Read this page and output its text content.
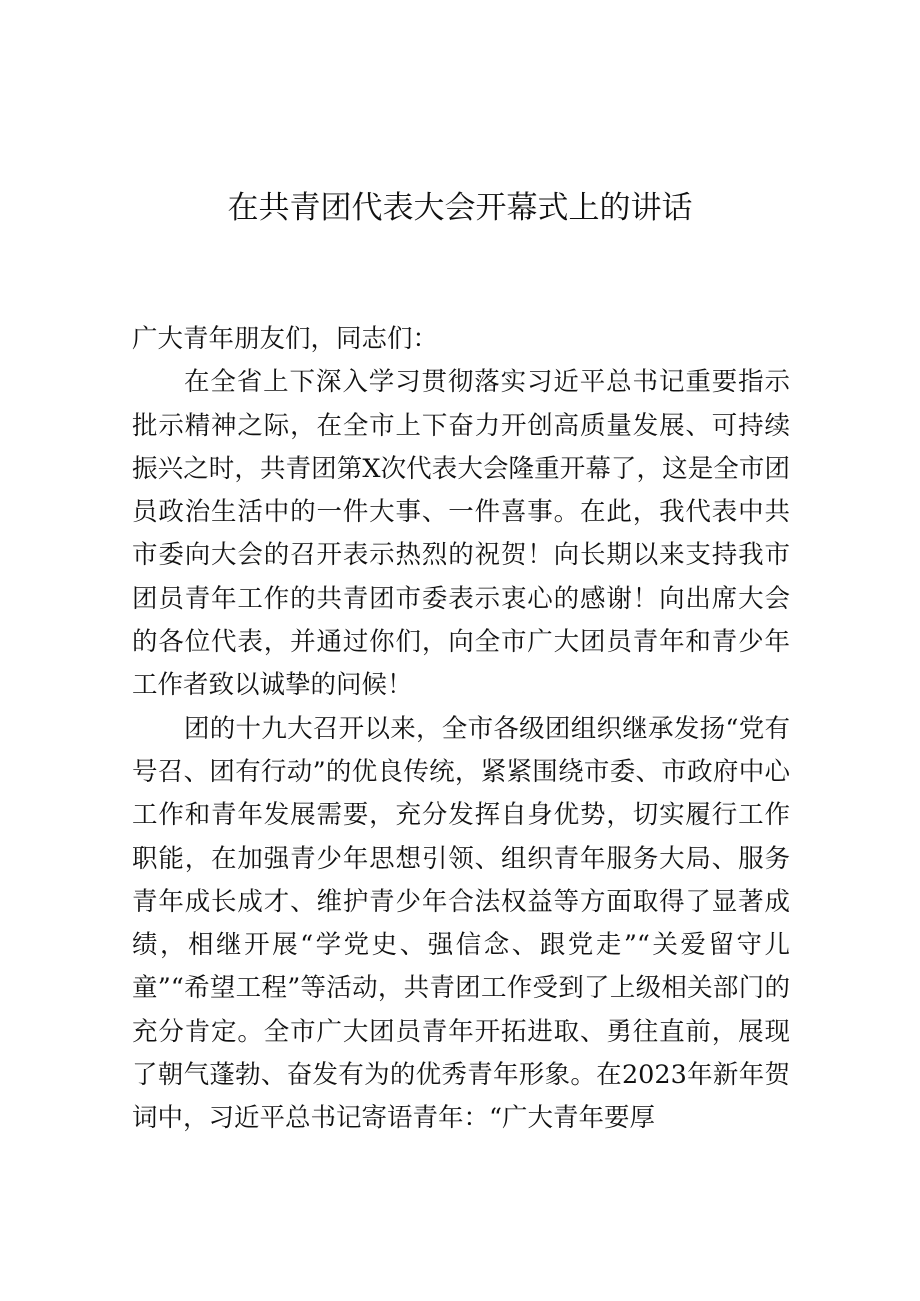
在共青团代表大会开幕式上的讲话

广大青年朋友们，同志们：

在全省上下深入学习贯彻落实习近平总书记重要指示批示精神之际，在全市上下奋力开创高质量发展、可持续振兴之时，共青团第X次代表大会隆重开幕了，这是全市团员政治生活中的一件大事、一件喜事。在此，我代表中共市委向大会的召开表示热烈的祝贺！向长期以来支持我市团员青年工作的共青团市委表示衷心的感谢！向出席大会的各位代表，并通过你们，向全市广大团员青年和青少年工作者致以诚挚的问候！

团的十九大召开以来，全市各级团组织继承发扬“党有号召、团有行动”的优良传统，紧紧围绕市委、市政府中心工作和青年发展需要，充分发挥自身优势，切实履行工作职能，在加强青少年思想引领、组织青年服务大局、服务青年成长成才、维护青少年合法权益等方面取得了显著成绩，相继开展“学党史、强信念、跟党走”“关爱留守儿童”“希望工程”等活动，共青团工作受到了上级相关部门的充分肯定。全市广大团员青年开拓进取、勇往直前，展现了朝气蓬勃、奋发有为的优秀青年形象。在2023年新年贺词中，习近平总书记寄语青年：“广大青年要厚
